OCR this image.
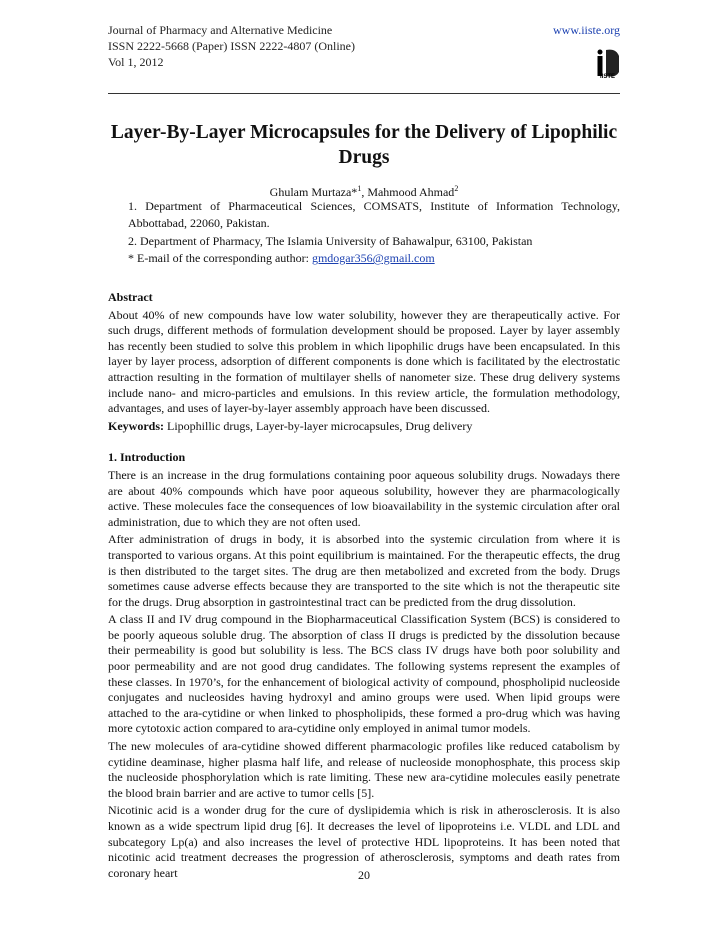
Journal of Pharmacy and Alternative Medicine
ISSN 2222-5668 (Paper) ISSN 2222-4807 (Online)
Vol 1, 2012
www.iiste.org
IISTE
Layer-By-Layer Microcapsules for the Delivery of Lipophilic Drugs
Ghulam Murtaza*$^1$, Mahmood Ahmad$^2$
1. Department of Pharmaceutical Sciences, COMSATS, Institute of Information Technology, Abbottabad, 22060, Pakistan.
2. Department of Pharmacy, The Islamia University of Bahawalpur, 63100, Pakistan
* E-mail of the corresponding author: gmdogar356@gmail.com

Abstract

About 40% of new compounds have low water solubility, however they are therapeutically active. For such drugs, different methods of formulation development should be proposed. Layer by layer assembly has recently been studied to solve this problem in which lipophilic drugs have been encapsulated. In this layer by layer process, adsorption of different components is done which is facilitated by the electrostatic attraction resulting in the formation of multilayer shells of nanometer size. These drug delivery systems include nano- and micro-particles and emulsions. In this review article, the formulation methodology, advantages, and uses of layer-by-layer assembly approach have been discussed.

Keywords: Lipophillic drugs, Layer-by-layer microcapsules, Drug delivery

1. Introduction

There is an increase in the drug formulations containing poor aqueous solubility drugs. Nowadays there are about 40% compounds which have poor aqueous solubility, however they are pharmacologically active. These molecules face the consequences of low bioavailability in the systemic circulation after oral administration, due to which they are not often used.

After administration of drugs in body, it is absorbed into the systemic circulation from where it is transported to various organs. At this point equilibrium is maintained. For the therapeutic effects, the drug is then distributed to the target sites. The drug are then metabolized and excreted from the body. Drugs sometimes cause adverse effects because they are transported to the site which is not the therapeutic site for the drugs. Drug absorption in gastrointestinal tract can be predicted from the drug dissolution.

A class II and IV drug compound in the Biopharmaceutical Classification System (BCS) is considered to be poorly aqueous soluble drug. The absorption of class II drugs is predicted by the dissolution because their permeability is good but solubility is less. The BCS class IV drugs have both poor solubility and poor permeability and are not good drug candidates. The following systems represent the examples of these classes. In 1970’s, for the enhancement of biological activity of compound, phospholipid nucleoside conjugates and nucleosides having hydroxyl and amino groups were used. When lipid groups were attached to the ara-cytidine or when linked to phospholipids, these formed a pro-drug which was having more cytotoxic action compared to ara-cytidine only employed in animal tumor models.

The new molecules of ara-cytidine showed different pharmacologic profiles like reduced catabolism by cytidine deaminase, higher plasma half life, and release of nucleoside monophosphate, this process skip the nucleoside phosphorylation which is rate limiting. These new ara-cytidine molecules easily penetrate the blood brain barrier and are active to tumor cells [5].

Nicotinic acid is a wonder drug for the cure of dyslipidemia which is risk in atherosclerosis. It is also known as a wide spectrum lipid drug [6]. It decreases the level of lipoproteins i.e. VLDL and LDL and subcategory Lp(a) and also increases the level of protective HDL lipoproteins. It has been noted that nicotinic acid treatment decreases the progression of atherosclerosis, symptoms and death rates from coronary heart	20
